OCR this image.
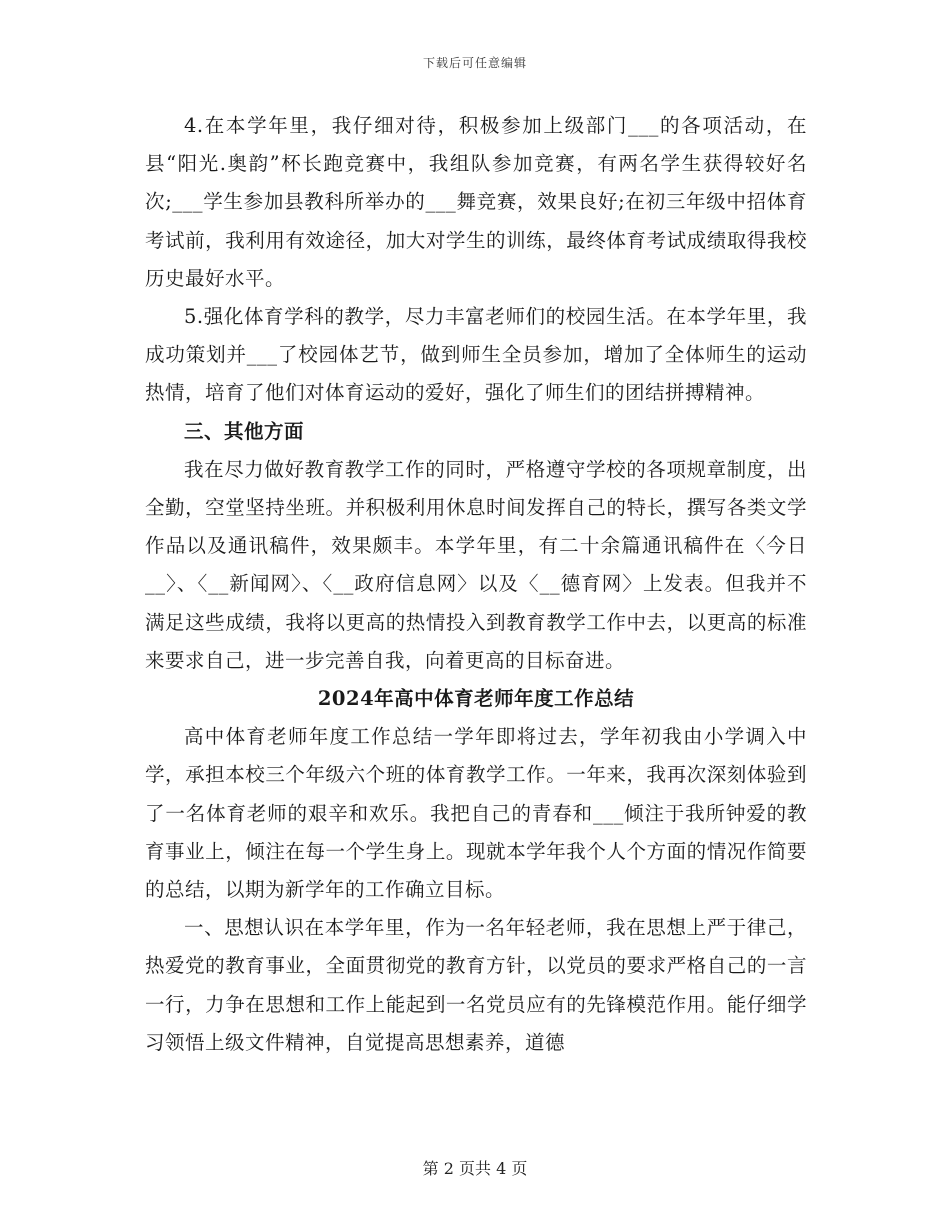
下载后可任意编辑

4.在本学年里，我仔细对待，积极参加上级部门___的各项活动，在县“阳光.奥韵”杯长跑竞赛中，我组队参加竞赛，有两名学生获得较好名次;___学生参加县教科所举办的___舞竞赛，效果良好;在初三年级中招体育考试前，我利用有效途径，加大对学生的训练，最终体育考试成绩取得我校历史最好水平。

5.强化体育学科的教学，尽力丰富老师们的校园生活。在本学年里，我成功策划并___了校园体艺节，做到师生全员参加，增加了全体师生的运动热情，培育了他们对体育运动的爱好，强化了师生们的团结拼搏精神。

三、其他方面

我在尽力做好教育教学工作的同时，严格遵守学校的各项规章制度，出全勤，空堂坚持坐班。并积极利用休息时间发挥自己的特长，撰写各类文学作品以及通讯稿件，效果颇丰。本学年里，有二十余篇通讯稿件在〈今日__〉、〈__新闻网〉、〈__政府信息网〉以及〈__德育网〉上发表。但我并不满足这些成绩，我将以更高的热情投入到教育教学工作中去，以更高的标准来要求自己，进一步完善自我，向着更高的目标奋进。

2024年高中体育老师年度工作总结

高中体育老师年度工作总结一学年即将过去，学年初我由小学调入中学，承担本校三个年级六个班的体育教学工作。一年来，我再次深刻体验到了一名体育老师的艰辛和欢乐。我把自己的青春和___倾注于我所钟爱的教育事业上，倾注在每一个学生身上。现就本学年我个人个方面的情况作简要的总结，以期为新学年的工作确立目标。

一、思想认识在本学年里，作为一名年轻老师，我在思想上严于律己，热爱党的教育事业，全面贯彻党的教育方针，以党员的要求严格自己的一言一行，力争在思想和工作上能起到一名党员应有的先锋模范作用。能仔细学习领悟上级文件精神，自觉提高思想素养，道德

第 2 页共 4 页
